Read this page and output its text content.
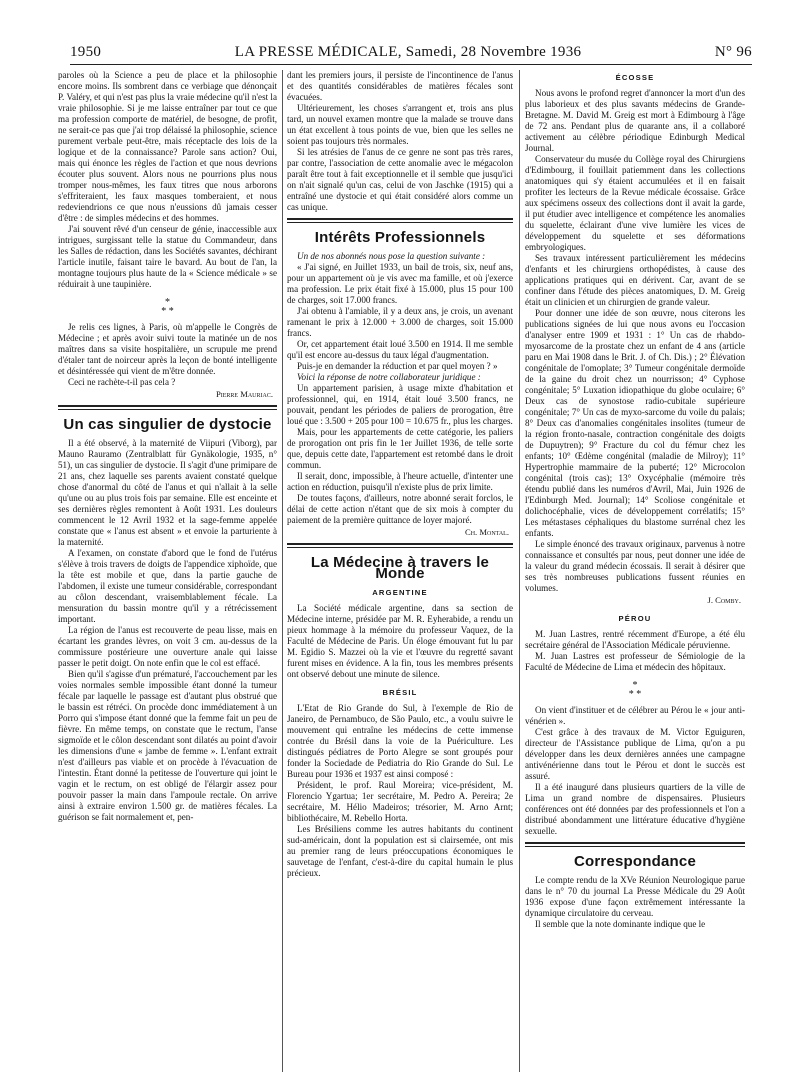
1950	LA PRESSE MÉDICALE, Samedi, 28 Novembre 1936	N° 96

paroles où la Science a peu de place et la philosophie encore moins. Ils sombrent dans ce verbiage que dénonçait P. Valéry, et qui n'est pas plus la vraie médecine qu'il n'est la vraie philosophie. Si je me laisse entraîner par tout ce que ma profession comporte de matériel, de besogne, de profit, ne serait-ce pas que j'ai trop délaissé la philosophie, science purement verbale peut-être, mais réceptacle des lois de la logique et de la connaissance? Parole sans action? Oui, mais qui énonce les règles de l'action et que nous devrions écouter plus souvent. Alors nous ne pourrions plus nous tromper nous-mêmes, les faux titres que nous arborons s'effriteraient, les faux masques tomberaient, et nous redeviendrions ce que nous n'eussions dû jamais cesser d'être : de simples médecins et des hommes.

J'ai souvent rêvé d'un censeur de génie, inaccessible aux intrigues, surgissant telle la statue du Commandeur, dans les Salles de rédaction, dans les Sociétés savantes, déchirant l'article inutile, faisant taire le bavard. Au bout de l'an, la montagne toujours plus haute de la « Science médicale » se réduirait à une taupinière.

*
* *

Je relis ces lignes, à Paris, où m'appelle le Congrès de Médecine ; et après avoir suivi toute la matinée un de nos maîtres dans sa visite hospitalière, un scrupule me prend d'étaler tant de noirceur après la leçon de bonté intelligente et désintéressée qui vient de m'être donnée.

Ceci ne rachète-t-il pas cela ?

Pierre Mauriac.
Un cas singulier de dystocie

Il a été observé, à la maternité de Viipuri (Viborg), par Mauno Rauramo (Zentralblatt für Gynäkologie, 1935, n° 51), un cas singulier de dystocie. Il s'agit d'une primipare de 21 ans, chez laquelle ses parents avaient constaté quelque chose d'anormal du côté de l'anus et qui n'allait à la selle qu'une ou au plus trois fois par semaine. Elle est enceinte et ses dernières règles remontent à Août 1931. Les douleurs commencent le 12 Avril 1932 et la sage-femme appelée constate que « l'anus est absent » et envoie la parturiente à la maternité.

A l'examen, on constate d'abord que le fond de l'utérus s'élève à trois travers de doigts de l'appendice xiphoïde, que la tête est mobile et que, dans la partie gauche de l'abdomen, il existe une tumeur considérable, correspondant au côlon descendant, vraisemblablement fécale. La mensuration du bassin montre qu'il y a rétrécissement important.

La région de l'anus est recouverte de peau lisse, mais en écartant les grandes lèvres, on voit 3 cm. au-dessus de la commissure postérieure une ouverture anale qui laisse passer le petit doigt. On note enfin que le col est effacé.

Bien qu'il s'agisse d'un prématuré, l'accouchement par les voies normales semble impossible étant donné la tumeur fécale par laquelle le passage est d'autant plus obstrué que le bassin est rétréci. On procède donc immédiatement à un Porro qui s'impose étant donné que la femme fait un peu de fièvre. En même temps, on constate que le rectum, l'anse sigmoïde et le côlon descendant sont dilatés au point d'avoir les dimensions d'une « jambe de femme ». L'enfant extrait n'est d'ailleurs pas viable et on procède à l'évacuation de l'intestin. Étant donné la petitesse de l'ouverture qui joint le vagin et le rectum, on est obligé de l'élargir assez pour pouvoir passer la main dans l'ampoule rectale. On arrive ainsi à extraire environ 1.500 gr. de matières fécales. La guérison se fait normalement et, pen-

dant les premiers jours, il persiste de l'incontinence de l'anus et des quantités considérables de matières fécales sont évacuées.

Ultérieurement, les choses s'arrangent et, trois ans plus tard, un nouvel examen montre que la malade se trouve dans un état excellent à tous points de vue, bien que les selles ne soient pas toujours très normales.

Si les atrésies de l'anus de ce genre ne sont pas très rares, par contre, l'association de cette anomalie avec le mégacolon paraît être tout à fait exceptionnelle et il semble que jusqu'ici on n'ait signalé qu'un cas, celui de von Jaschke (1915) qui a entraîné une dystocie et qui était considéré alors comme un cas unique.

Intérêts Professionnels

Un de nos abonnés nous pose la question suivante :

« J'ai signé, en Juillet 1933, un bail de trois, six, neuf ans, pour un appartement où je vis avec ma famille, et où j'exerce ma profession. Le prix était fixé à 15.000, plus 15 pour 100 de charges, soit 17.000 francs.

J'ai obtenu à l'amiable, il y a deux ans, je crois, un avenant ramenant le prix à 12.000 + 3.000 de charges, soit 15.000 francs.

Or, cet appartement était loué 3.500 en 1914. Il me semble qu'il est encore au-dessus du taux légal d'augmentation.

Puis-je en demander la réduction et par quel moyen ? »

Voici la réponse de notre collaborateur juridique :

Un appartement parisien, à usage mixte d'habitation et professionnel, qui, en 1914, était loué 3.500 francs, ne pouvait, pendant les périodes de paliers de prorogation, être loué que : 3.500 + 205 pour 100 = 10.675 fr., plus les charges.

Mais, pour les appartements de cette catégorie, les paliers de prorogation ont pris fin le 1er Juillet 1936, de telle sorte que, depuis cette date, l'appartement est retombé dans le droit commun.

Il serait, donc, impossible, à l'heure actuelle, d'intenter une action en réduction, puisqu'il n'existe plus de prix limite.

De toutes façons, d'ailleurs, notre abonné serait forclos, le délai de cette action n'étant que de six mois à compter du paiement de la première quittance de loyer majoré.

Ch. Montal.
La Médecine à travers le Monde
ARGENTINE

La Société médicale argentine, dans sa section de Médecine interne, présidée par M. R. Eyherabide, a rendu un pieux hommage à la mémoire du professeur Vaquez, de la Faculté de Médecine de Paris. Un éloge émouvant fut lu par M. Egidio S. Mazzei où la vie et l'œuvre du regretté savant furent mises en évidence. A la fin, tous les membres présents ont observé debout une minute de silence.

BRÉSIL

L'Etat de Rio Grande do Sul, à l'exemple de Rio de Janeiro, de Pernambuco, de São Paulo, etc., a voulu suivre le mouvement qui entraîne les médecins de cette immense contrée du Brésil dans la voie de la Puériculture. Les distingués pédiatres de Porto Alegre se sont groupés pour fonder la Sociedade de Pediatria do Rio Grande do Sul. Le Bureau pour 1936 et 1937 est ainsi composé :

Président, le prof. Raul Moreira; vice-président, M. Florencio Ygartua; 1er secrétaire, M. Pedro A. Pereira; 2e secrétaire, M. Hélio Madeiros; trésorier, M. Arno Arnt; bibliothécaire, M. Rebello Horta.

Les Brésiliens comme les autres habitants du continent sud-américain, dont la population est si clairsemée, ont mis au premier rang de leurs préoccupations économiques le sauvetage de l'enfant, c'est-à-dire du capital humain le plus précieux.

ÉCOSSE

Nous avons le profond regret d'annoncer la mort d'un des plus laborieux et des plus savants médecins de Grande-Bretagne. M. David M. Greig est mort à Edimbourg à l'âge de 72 ans. Pendant plus de quarante ans, il a collaboré activement au célèbre périodique Edinburgh Medical Journal.

Conservateur du musée du Collège royal des Chirurgiens d'Edimbourg, il fouillait patiemment dans les collections anatomiques qui s'y étaient accumulées et il en faisait profiter les lecteurs de la Revue médicale écossaise. Grâce aux spécimens osseux des collections dont il avait la garde, il put étudier avec intelligence et compétence les anomalies du squelette, éclairant d'une vive lumière les vices de développement du squelette et ses déformations embryologiques.

Ses travaux intéressent particulièrement les médecins d'enfants et les chirurgiens orthopédistes, à cause des applications pratiques qui en dérivent. Car, avant de se confiner dans l'étude des pièces anatomiques, D. M. Greig était un clinicien et un chirurgien de grande valeur.

Pour donner une idée de son œuvre, nous citerons les publications signées de lui que nous avons eu l'occasion d'analyser entre 1909 et 1931 : 1° Un cas de rhabdo-myosarcome de la prostate chez un enfant de 4 ans (article paru en Mai 1908 dans le Brit. J. of Ch. Dis.) ; 2° Élévation congénitale de l'omoplate; 3° Tumeur congénitale dermoïde de la gaine du droit chez un nourrisson; 4° Cyphose congénitale; 5° Luxation idiopathique du globe oculaire; 6° Deux cas de synostose radio-cubitale supérieure congénitale; 7° Un cas de myxo-sarcome du voile du palais; 8° Deux cas d'anomalies congénitales insolites (tumeur de la région fronto-nasale, contraction congénitale des doigts de Dupuytren); 9° Fracture du col du fémur chez les enfants; 10° Œdème congénital (maladie de Milroy); 11° Hypertrophie mammaire de la puberté; 12° Microcolon congénital (trois cas); 13° Oxycéphalie (mémoire très étendu publié dans les numéros d'Avril, Mai, Juin 1926 de l'Edinburgh Med. Journal); 14° Scoliose congénitale et dolichocéphalie, vices de développement corrélatifs; 15° Les métastases céphaliques du blastome surrénal chez les enfants.

Le simple énoncé des travaux originaux, parvenus à notre connaissance et consultés par nous, peut donner une idée de la valeur du grand médecin écossais. Il serait à désirer que ses très nombreuses publications fussent réunies en volumes.

J. Comby.
PÉROU

M. Juan Lastres, rentré récemment d'Europe, a été élu secrétaire général de l'Association Médicale péruvienne.

M. Juan Lastres est professeur de Sémiologie de la Faculté de Médecine de Lima et médecin des hôpitaux.

*
* *

On vient d'instituer et de célébrer au Pérou le « jour anti-vénérien ».

C'est grâce à des travaux de M. Victor Eguiguren, directeur de l'Assistance publique de Lima, qu'on a pu développer dans les deux dernières années une campagne antivénérienne dans tout le Pérou et dont le succès est assuré.

Il a été inauguré dans plusieurs quartiers de la ville de Lima un grand nombre de dispensaires. Plusieurs conférences ont été données par des professionnels et l'on a distribué abondamment une littérature éducative d'hygiène sexuelle.

Correspondance

Le compte rendu de la XVe Réunion Neurologique parue dans le n° 70 du journal La Presse Médicale du 29 Août 1936 expose d'une façon extrêmement intéressante la dynamique circulatoire du cerveau.

Il semble que la note dominante indique que le
